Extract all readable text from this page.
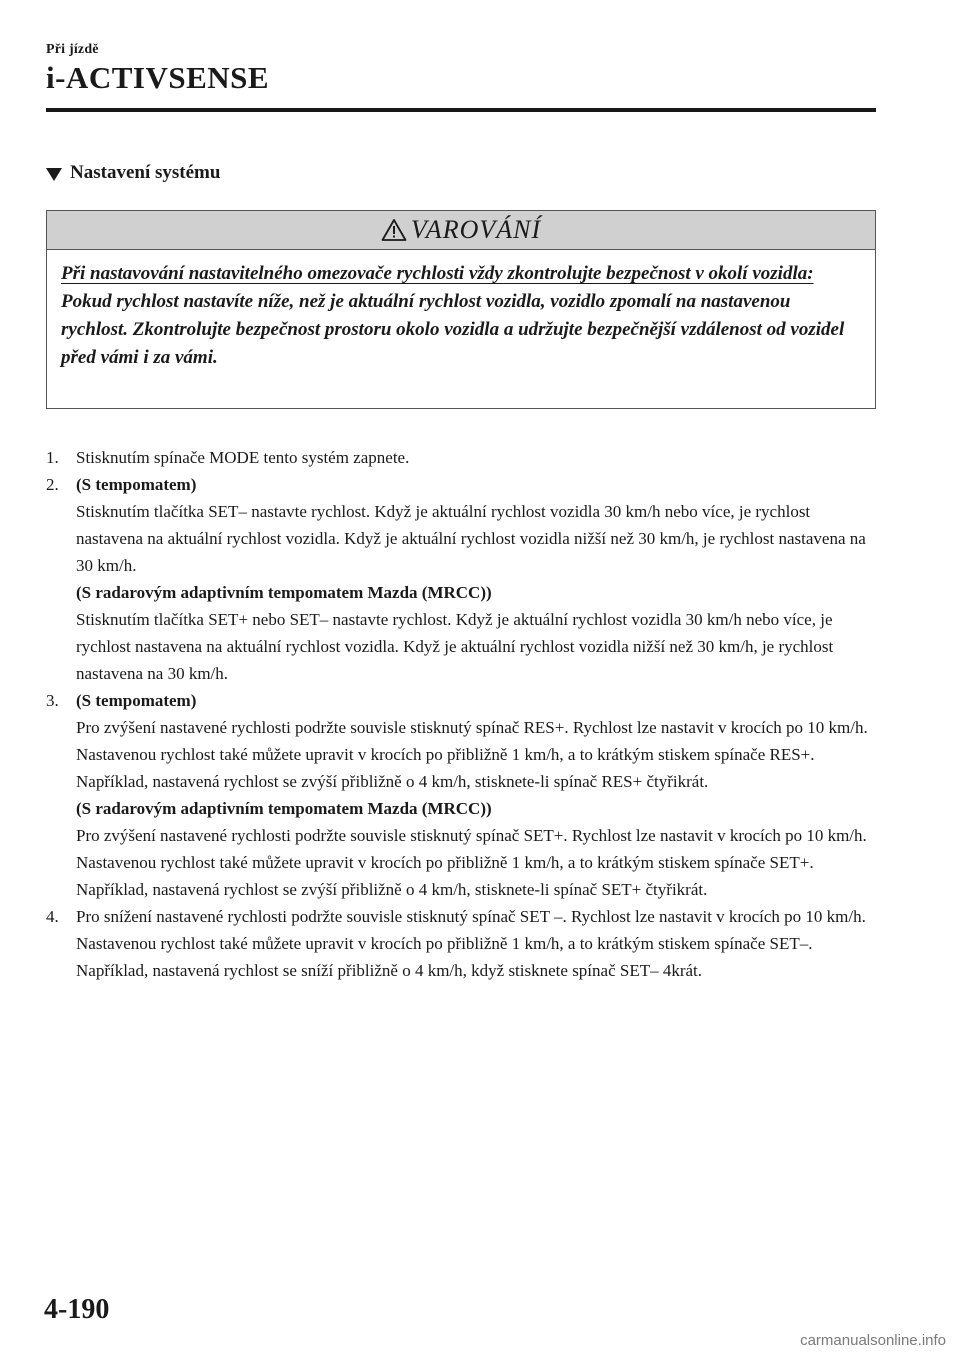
Při jízdě
i-ACTIVSENSE
Nastavení systému
VAROVÁNÍ
Při nastavování nastavitelného omezovače rychlosti vždy zkontrolujte bezpečnost v okolí vozidla:
Pokud rychlost nastavíte níže, než je aktuální rychlost vozidla, vozidlo zpomalí na nastavenou rychlost. Zkontrolujte bezpečnost prostoru okolo vozidla a udržujte bezpečnější vzdálenost od vozidel před vámi i za vámi.
1.	Stisknutím spínače MODE tento systém zapnete.
2.	(S tempomatem)
Stisknutím tlačítka SET– nastavte rychlost. Když je aktuální rychlost vozidla 30 km/h nebo více, je rychlost nastavena na aktuální rychlost vozidla. Když je aktuální rychlost vozidla nižší než 30 km/h, je rychlost nastavena na 30 km/h.
(S radarovým adaptivním tempomatem Mazda (MRCC))
Stisknutím tlačítka SET+ nebo SET– nastavte rychlost. Když je aktuální rychlost vozidla 30 km/h nebo více, je rychlost nastavena na aktuální rychlost vozidla. Když je aktuální rychlost vozidla nižší než 30 km/h, je rychlost nastavena na 30 km/h.
3.	(S tempomatem)
Pro zvýšení nastavené rychlosti podržte souvisle stisknutý spínač RES+. Rychlost lze nastavit v krocích po 10 km/h. Nastavenou rychlost také můžete upravit v krocích po přibližně 1 km/h, a to krátkým stiskem spínače RES+. Například, nastavená rychlost se zvýší přibližně o 4 km/h, stisknete-li spínač RES+ čtyřikrát.
(S radarovým adaptivním tempomatem Mazda (MRCC))
Pro zvýšení nastavené rychlosti podržte souvisle stisknutý spínač SET+. Rychlost lze nastavit v krocích po 10 km/h. Nastavenou rychlost také můžete upravit v krocích po přibližně 1 km/h, a to krátkým stiskem spínače SET+. Například, nastavená rychlost se zvýší přibližně o 4 km/h, stisknete-li spínač SET+ čtyřikrát.
4.	Pro snížení nastavené rychlosti podržte souvisle stisknutý spínač SET –. Rychlost lze nastavit v krocích po 10 km/h. Nastavenou rychlost také můžete upravit v krocích po přibližně 1 km/h, a to krátkým stiskem spínače SET–. Například, nastavená rychlost se sníží přibližně o 4 km/h, když stisknete spínač SET– 4krát.
4-190
carmanualsonline.info
